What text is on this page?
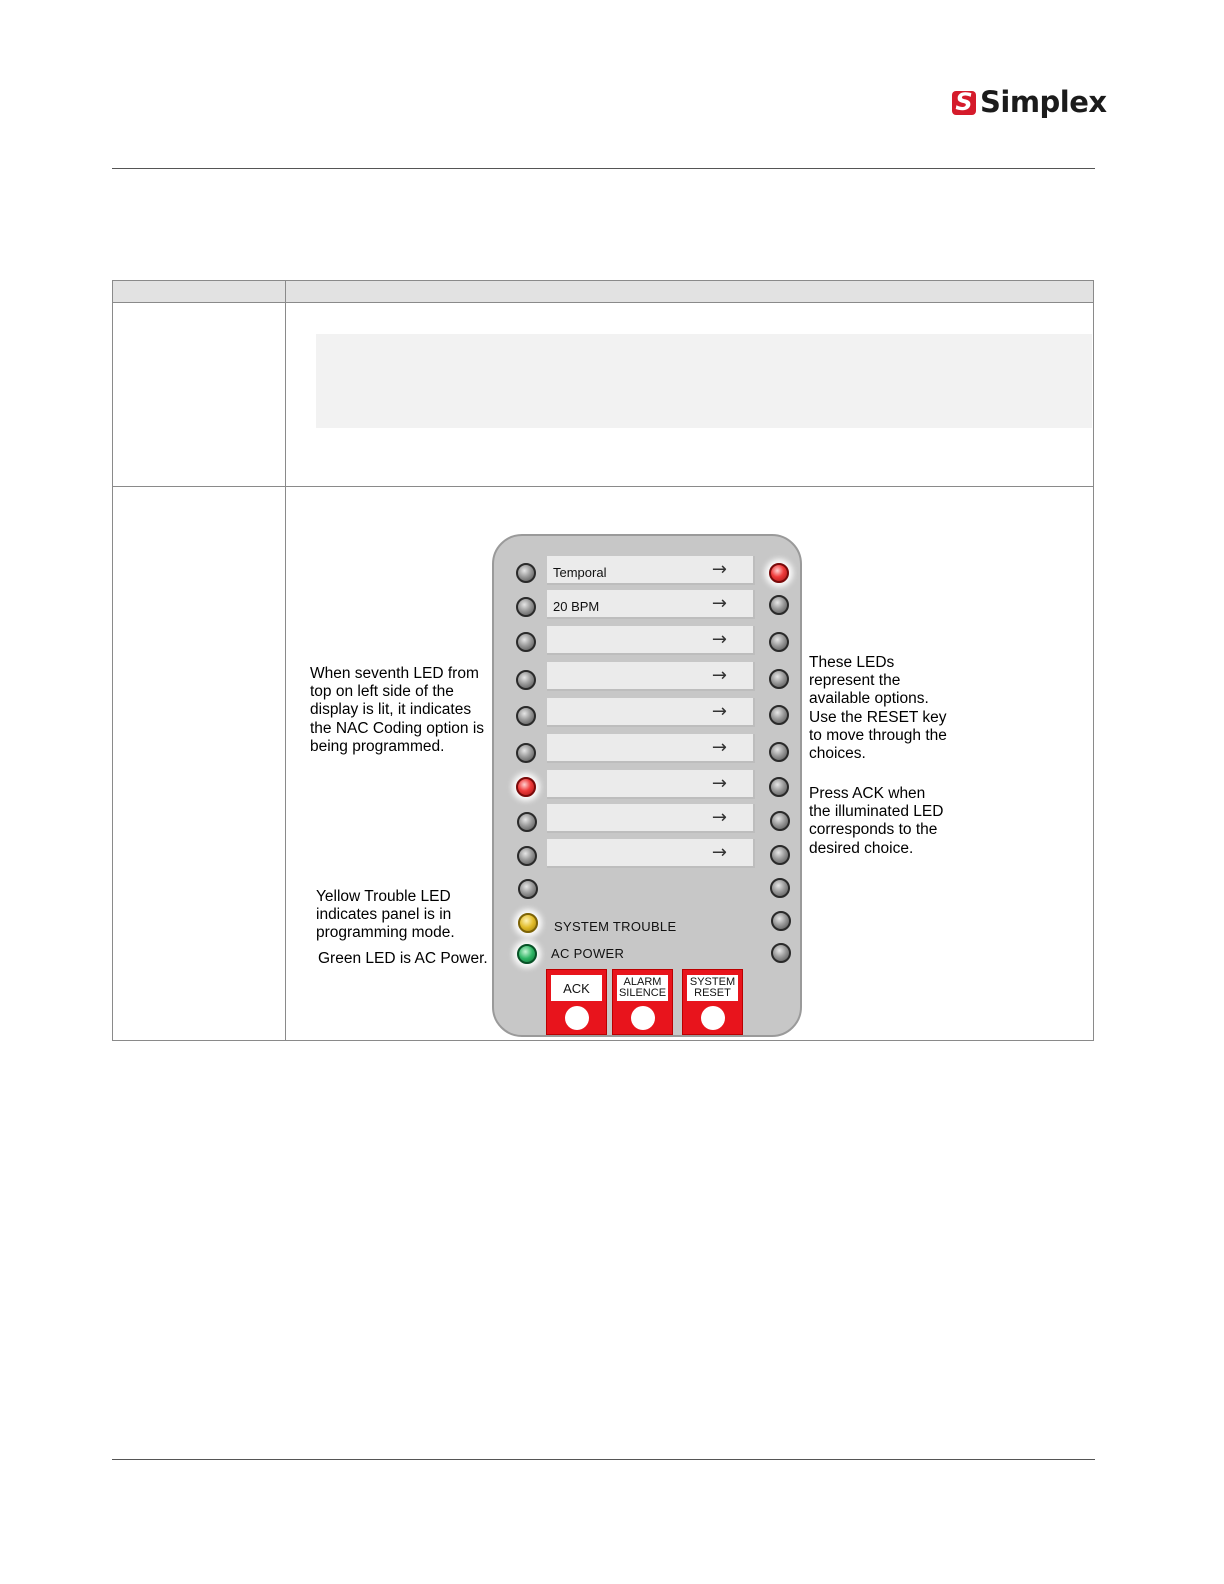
S
Simplex
Temporal	→
20 BPM	→
→
→
→
→
→
→
→
SYSTEM TROUBLE
AC POWER
ACK	ALARM
SILENCE
SYSTEM
RESET
When seventh LED from
top on left side of the
display is lit, it indicates
the NAC Coding option is
being programmed.
Yellow Trouble LED
indicates panel is in
programming mode.
Green LED is AC Power.
These LEDs
represent the
available options.
Use the RESET key
to move through the
choices.
Press ACK when
the illuminated LED
corresponds to the
desired choice.
